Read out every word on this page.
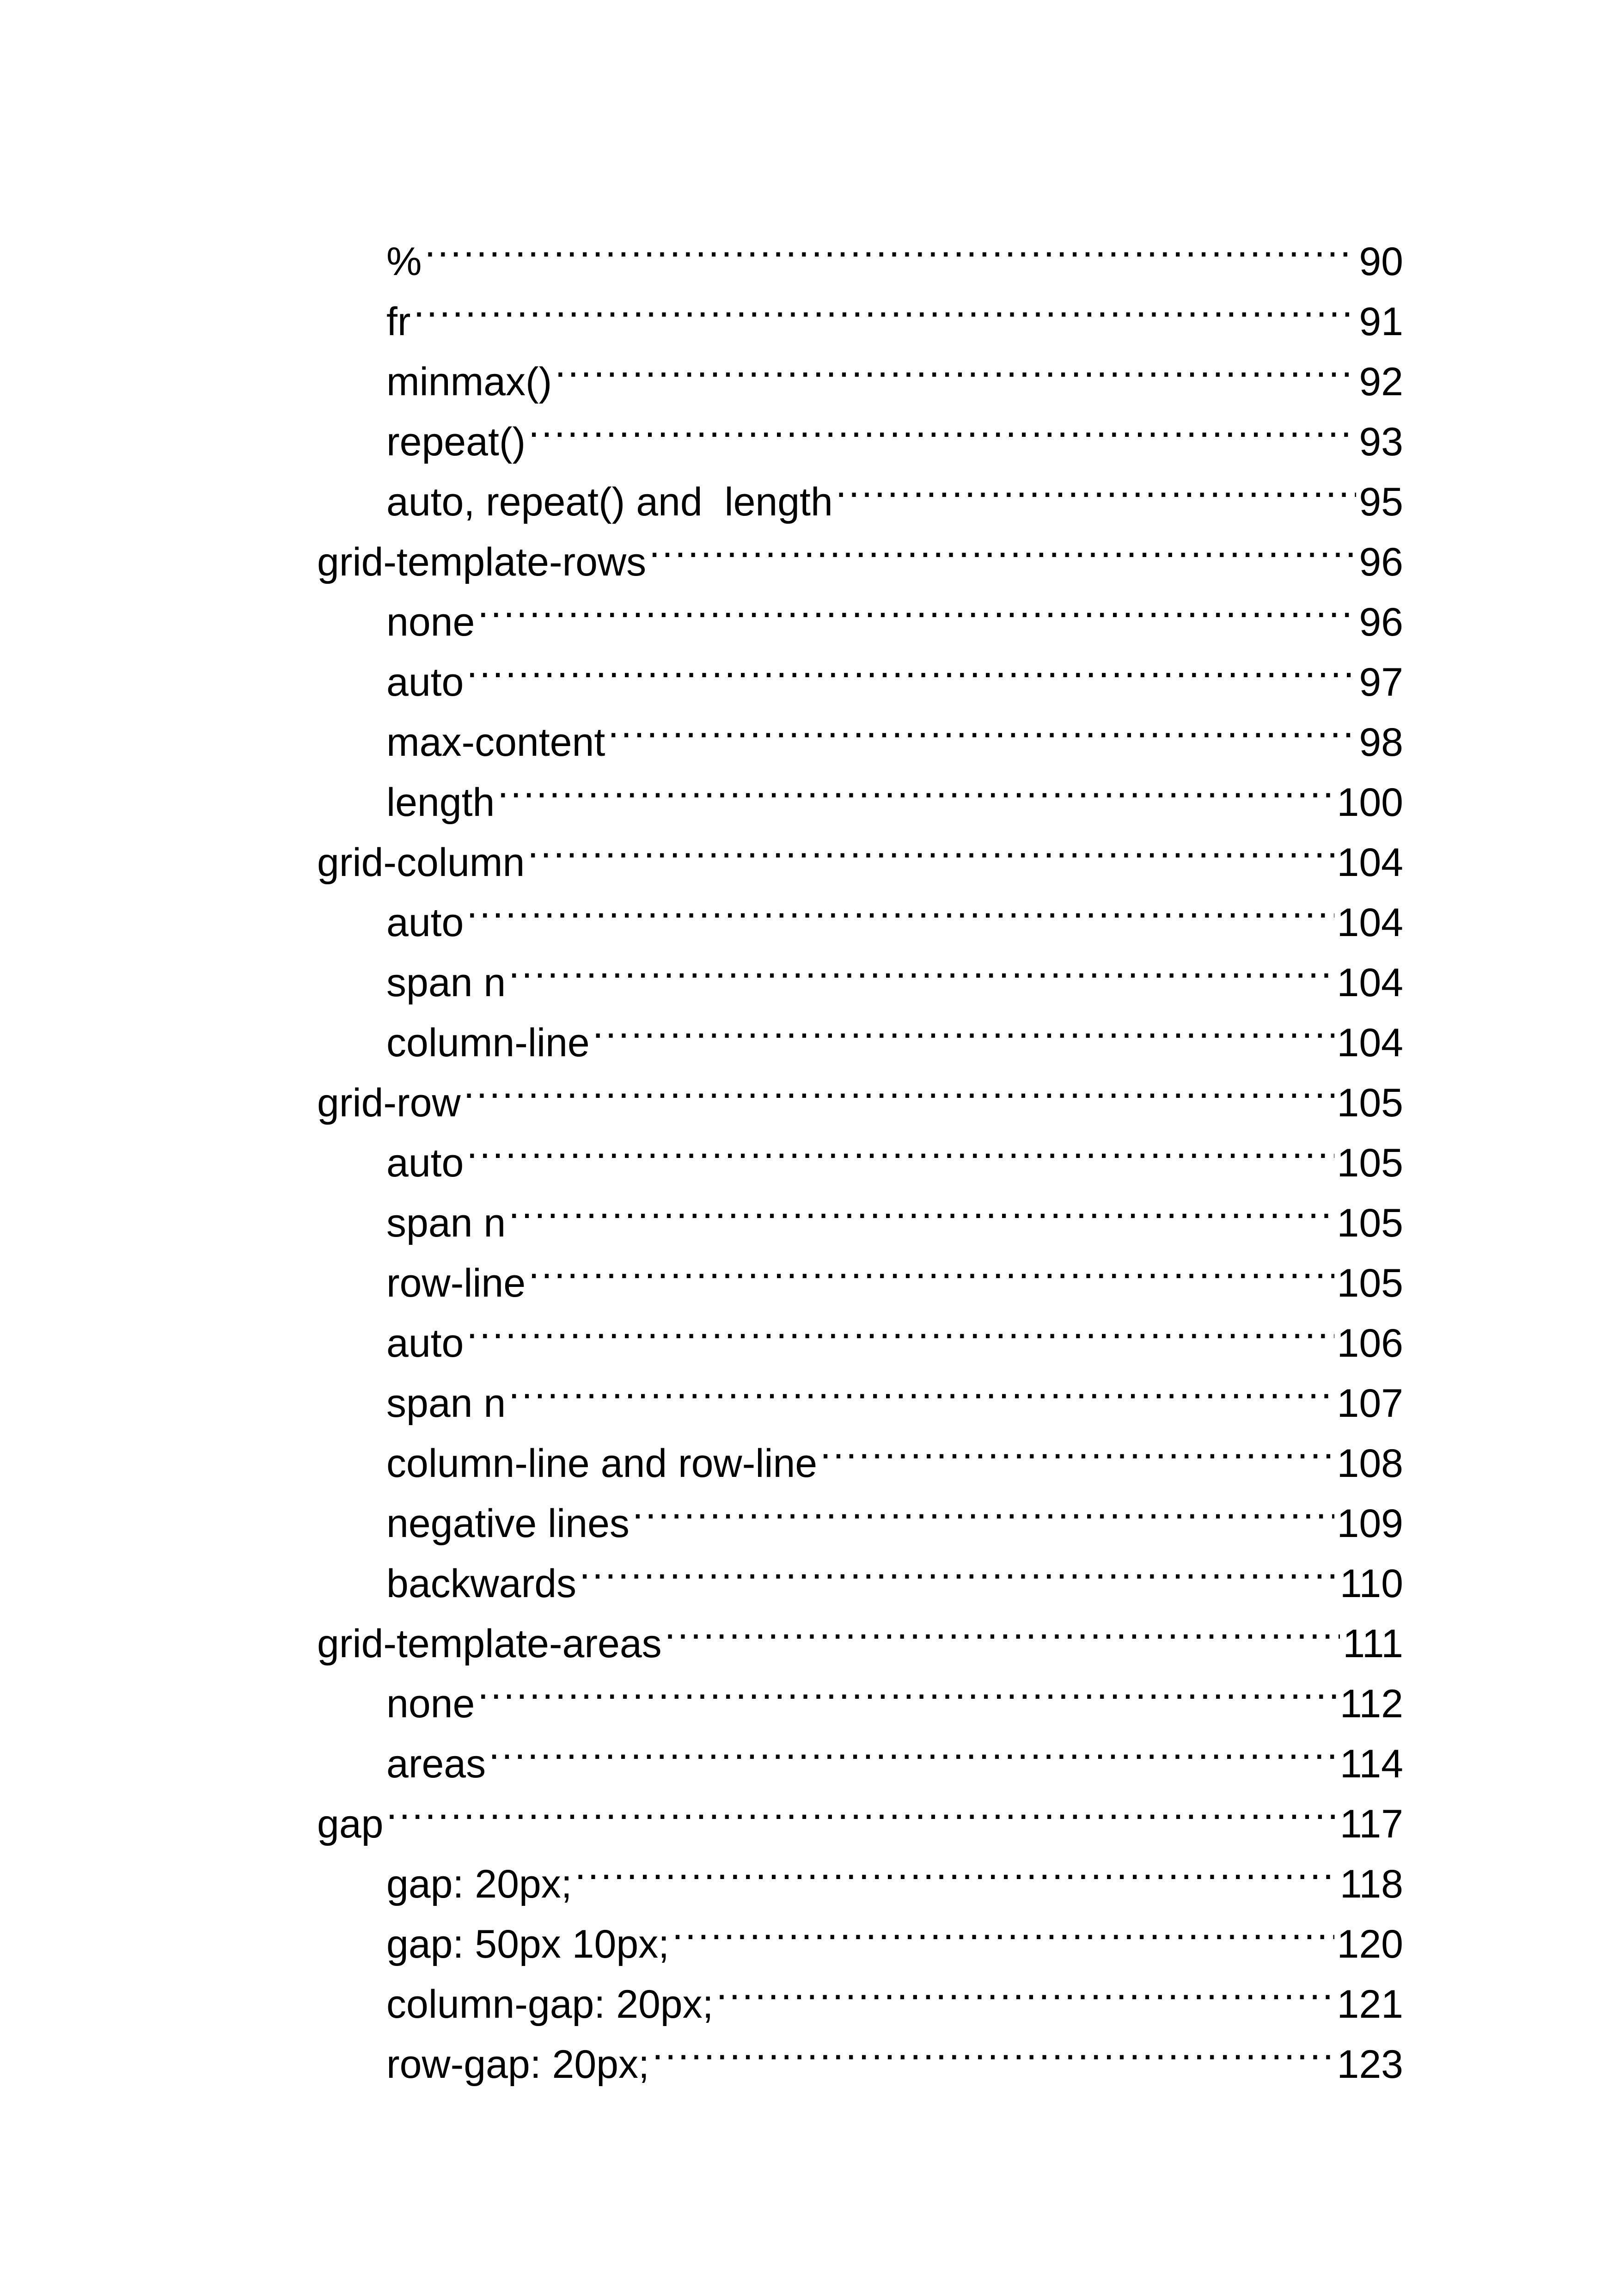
% .....	90
fr .....	91
minmax() .....	92
repeat() .....	93
auto, repeat() and  length .....	95
grid-template-rows .....	96
none .....	96
auto .....	97
max-content .....	98
length .....	100
grid-column .....	104
auto .....	104
span n .....	104
column-line .....	104
grid-row .....	105
auto .....	105
span n .....	105
row-line .....	105
auto .....	106
span n .....	107
column-line and row-line .....	108
negative lines .....	109
backwards .....	110
grid-template-areas .....	111
none .....	112
areas .....	114
gap .....	117
gap: 20px; .....	118
gap: 50px 10px; .....	120
column-gap: 20px; .....	121
row-gap: 20px; .....	123
